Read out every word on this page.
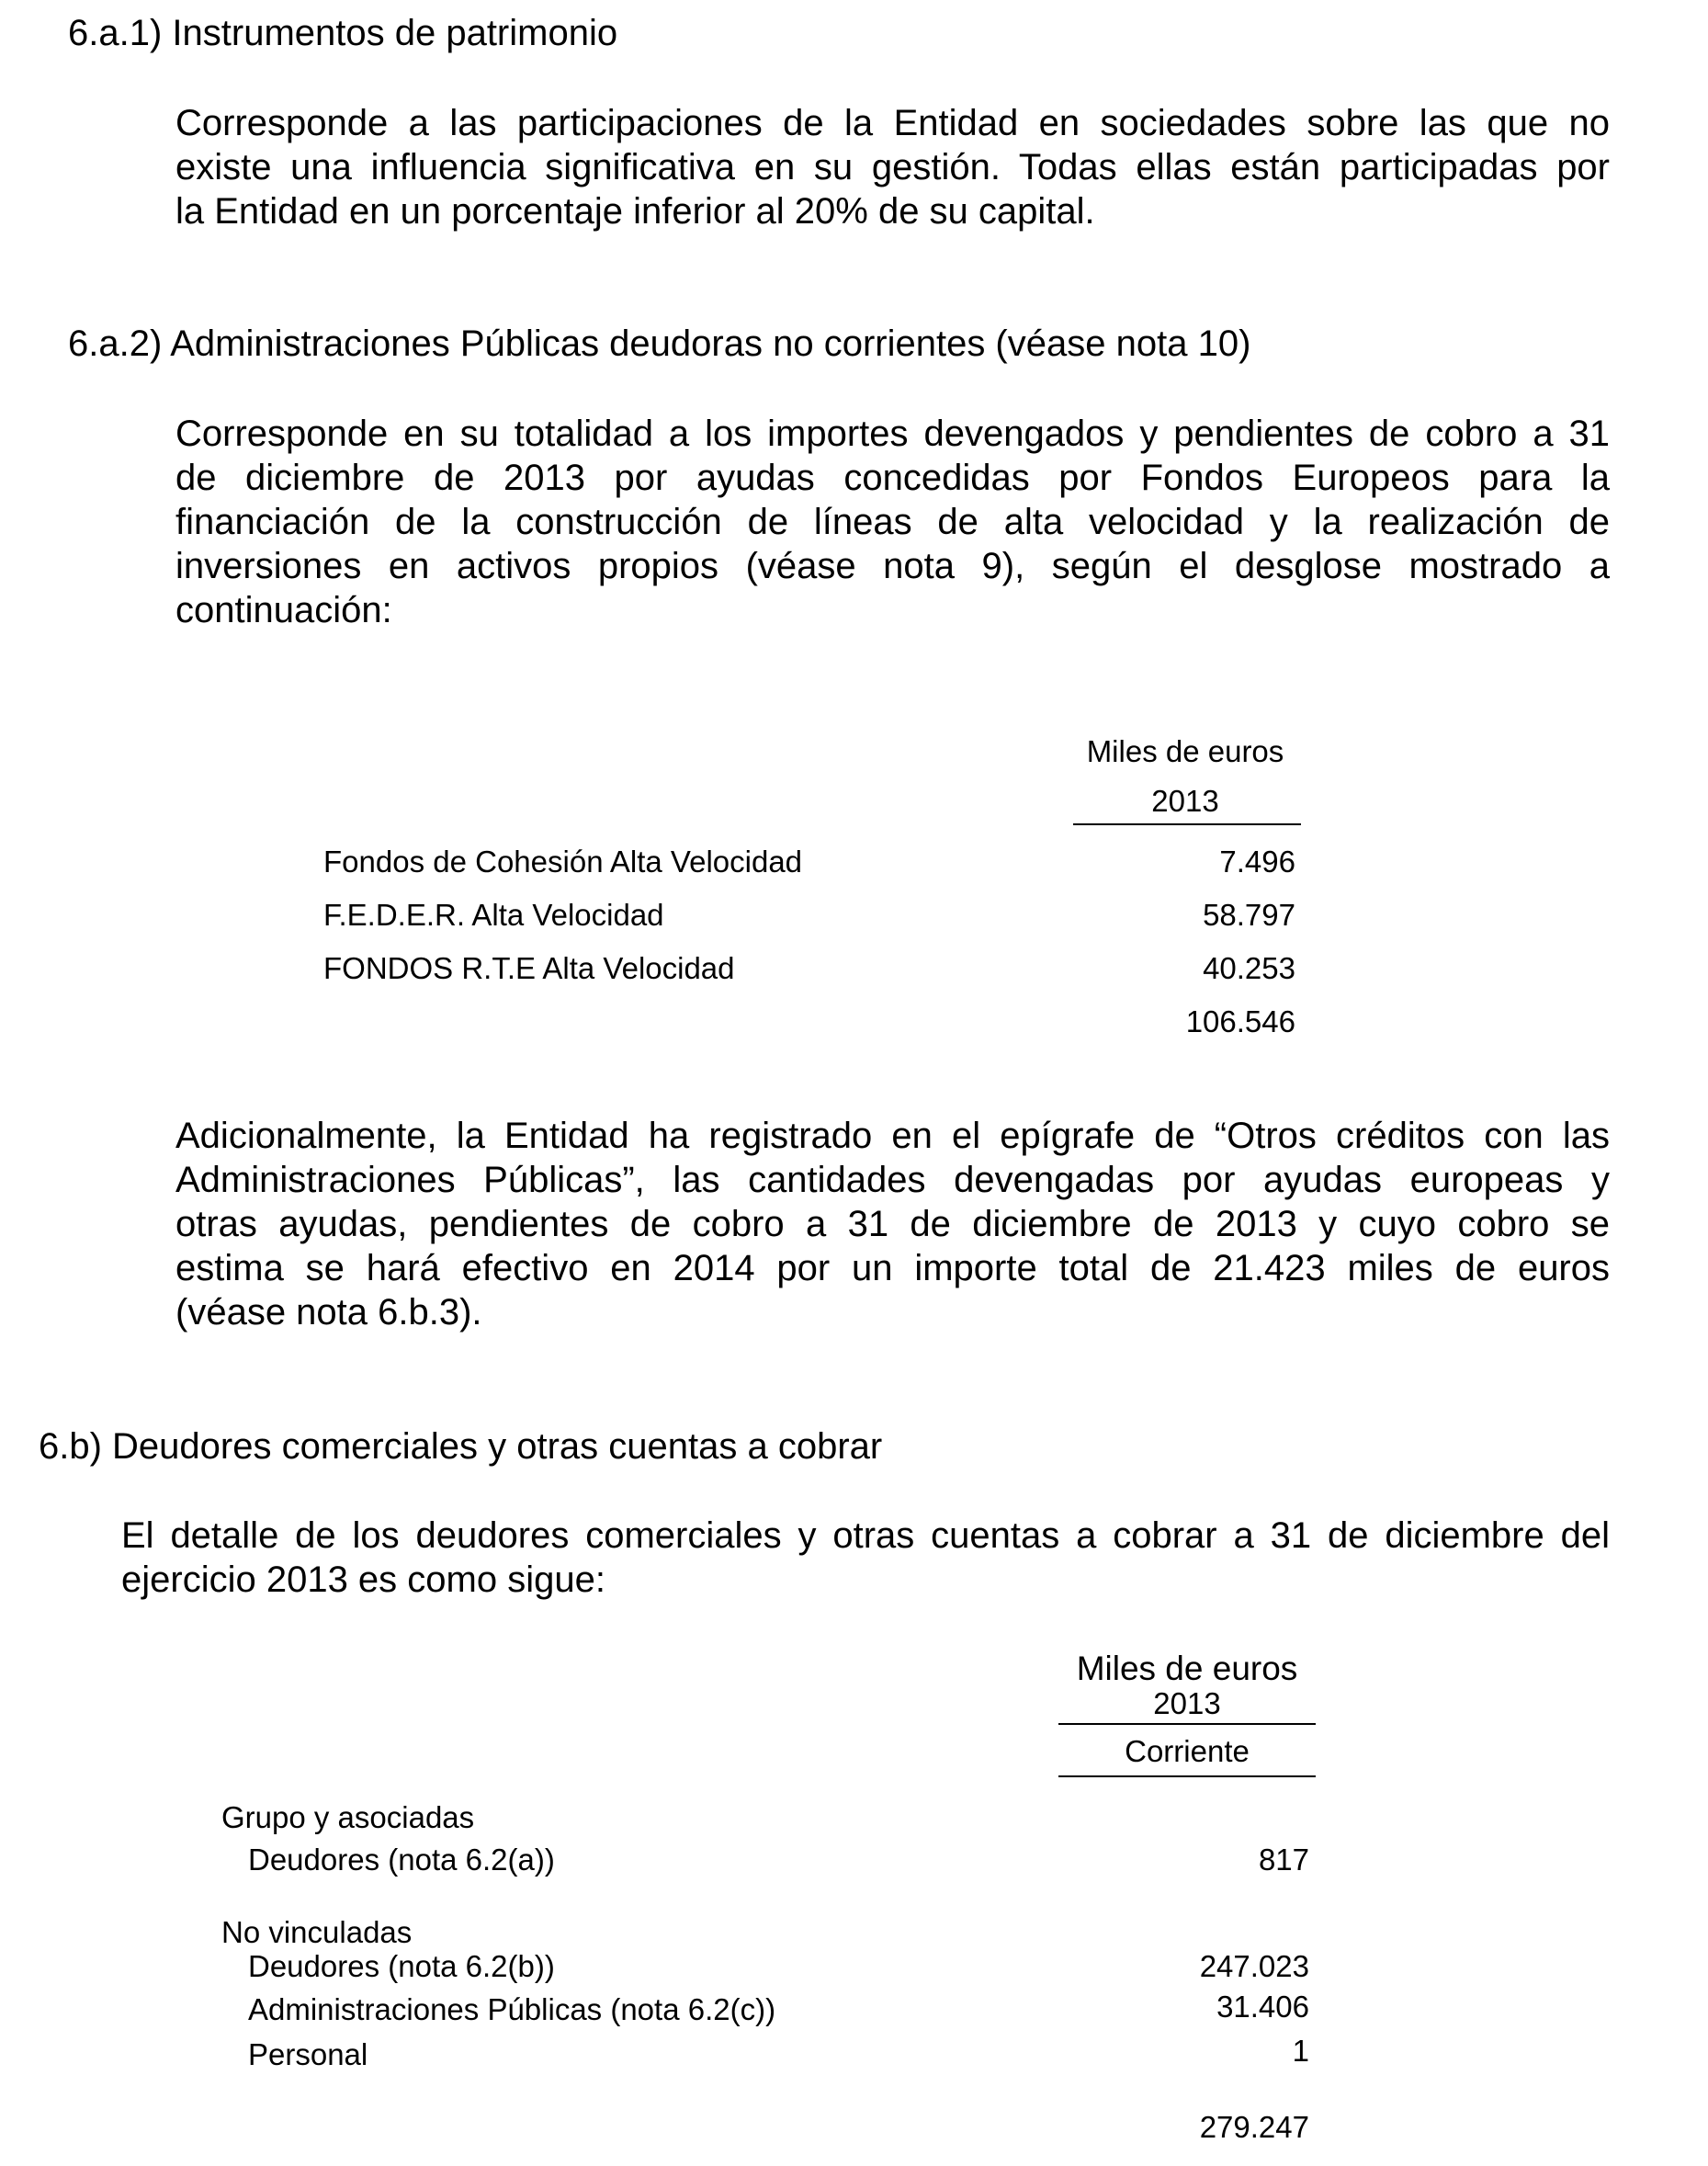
6.a.1) Instrumentos de patrimonio
Corresponde a las participaciones de la Entidad en sociedades sobre las que no
existe una influencia significativa en su gestión. Todas ellas están participadas por
la Entidad en un porcentaje inferior al 20% de su capital.
6.a.2) Administraciones Públicas deudoras no corrientes (véase nota 10)
Corresponde en su totalidad a los importes devengados y pendientes de cobro a 31
de diciembre de 2013 por ayudas concedidas por Fondos Europeos para la
financiación de la construcción de líneas de alta velocidad y la realización de
inversiones en activos propios (véase nota 9), según el desglose mostrado a
continuación:
Miles de euros
2013
Fondos de Cohesión Alta Velocidad	7.496
F.E.D.E.R. Alta Velocidad	58.797
FONDOS R.T.E Alta Velocidad	40.253
106.546
Adicionalmente, la Entidad ha registrado en el epígrafe de “Otros créditos con las
Administraciones Públicas”, las cantidades devengadas por ayudas europeas y
otras ayudas, pendientes de cobro a 31 de diciembre de 2013 y cuyo cobro se
estima se hará efectivo en 2014 por un importe total de 21.423 miles de euros
(véase nota 6.b.3).
6.b) Deudores comerciales y otras cuentas a cobrar
El detalle de los deudores comerciales y otras cuentas a cobrar a 31 de diciembre del
ejercicio 2013 es como sigue:
Miles de euros
2013
Corriente
Grupo y asociadas
Deudores (nota 6.2(a))	817
No vinculadas
Deudores (nota 6.2(b))	247.023
Administraciones Públicas (nota 6.2(c))	31.406
Personal	1
279.247
